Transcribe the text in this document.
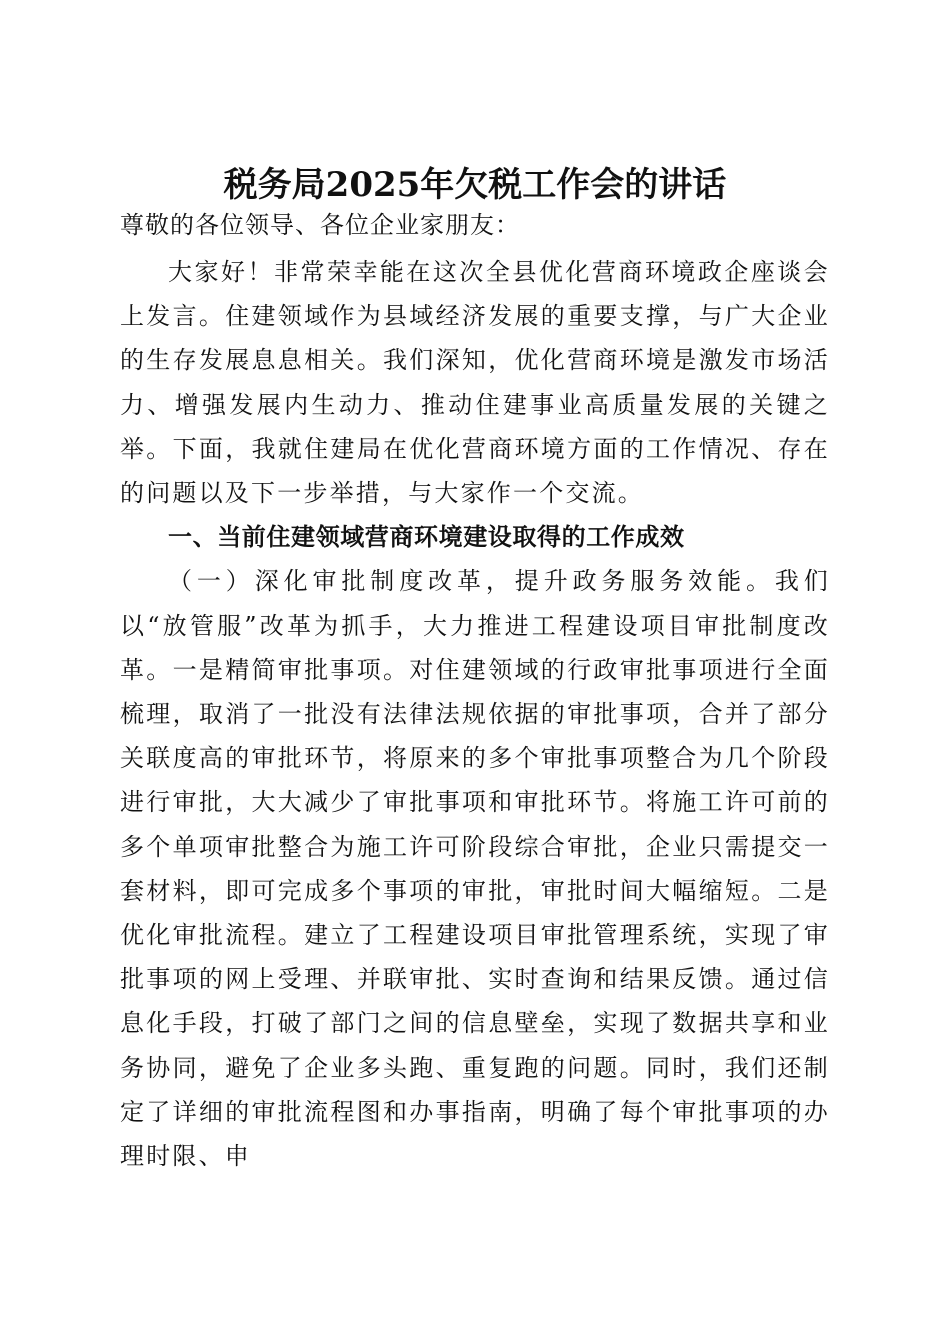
税务局2025年欠税工作会的讲话
尊敬的各位领导、各位企业家朋友：

大家好！非常荣幸能在这次全县优化营商环境政企座谈会上发言。住建领域作为县域经济发展的重要支撑，与广大企业的生存发展息息相关。我们深知，优化营商环境是激发市场活力、增强发展内生动力、推动住建事业高质量发展的关键之举。下面，我就住建局在优化营商环境方面的工作情况、存在的问题以及下一步举措，与大家作一个交流。

一、当前住建领域营商环境建设取得的工作成效

（一）深化审批制度改革，提升政务服务效能。我们以“放管服”改革为抓手，大力推进工程建设项目审批制度改革。一是精简审批事项。对住建领域的行政审批事项进行全面梳理，取消了一批没有法律法规依据的审批事项，合并了部分关联度高的审批环节，将原来的多个审批事项整合为几个阶段进行审批，大大减少了审批事项和审批环节。将施工许可前的多个单项审批整合为施工许可阶段综合审批，企业只需提交一套材料，即可完成多个事项的审批，审批时间大幅缩短。二是优化审批流程。建立了工程建设项目审批管理系统，实现了审批事项的网上受理、并联审批、实时查询和结果反馈。通过信息化手段，打破了部门之间的信息壁垒，实现了数据共享和业务协同，避免了企业多头跑、重复跑的问题。同时，我们还制定了详细的审批流程图和办事指南，明确了每个审批事项的办理时限、申
